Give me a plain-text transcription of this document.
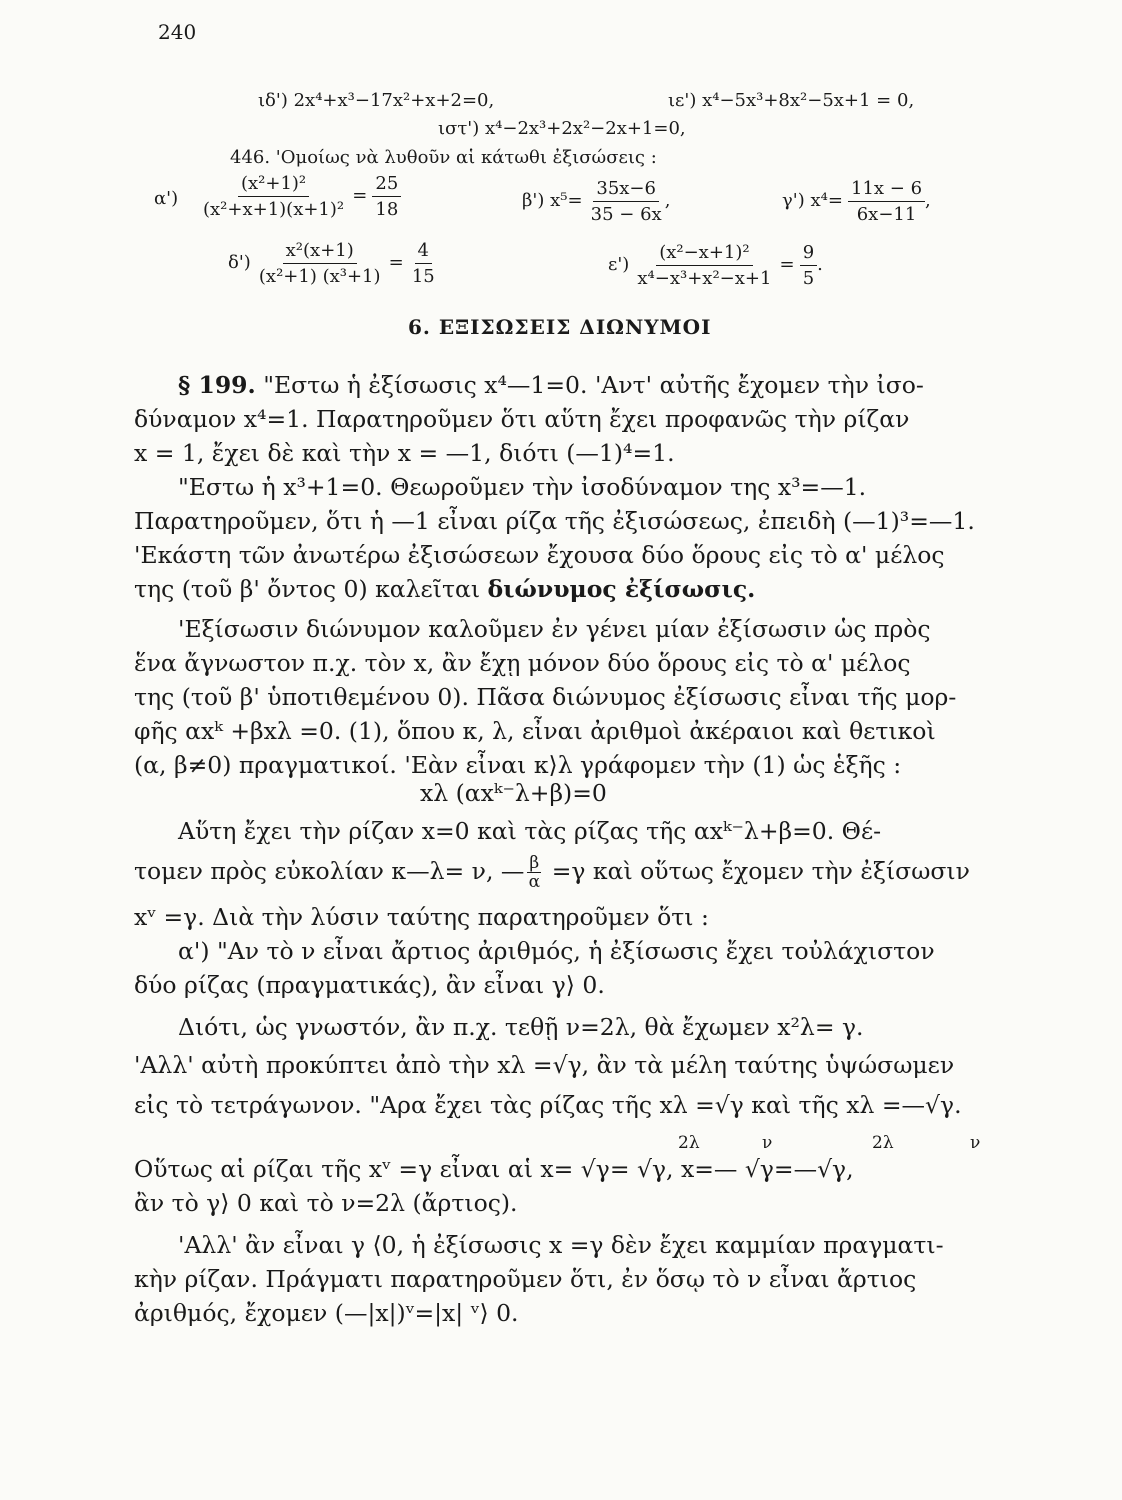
240
ιδ') 2x⁴+x³−17x²+x+2=0,	ιε') x⁴−5x³+8x²−5x+1 = 0,
ιστ') x⁴−2x³+2x²−2x+1=0,
446. 'Ομοίως νὰ λυθοῦν αἱ κάτωθι ἐξισώσεις :
$\alpha') \frac{\text{(x²+1)²}}{\text{(x²+x+1)(x+1)²}} = \frac{25}{18}$	β') $x^5= \frac{35x-6}{35 - 6x}$ ,	γ') $x^4= \frac{11x - 6}{6x-11}$ ,
$\delta') \frac{\text{x²(x+1)}}{\text{(x²+1) (x³+1)}} = \frac{4}{15}$	$\varepsilon') \frac{\text{(x²−x+1)²}}{\text{x⁴−x³+x²−x+1}} = \frac{9}{5}$ .
6. ΕΞΙΣΩΣΕΙΣ ΔΙΩΝΥΜΟΙ
§ 199. "Εστω ἡ ἐξίσωσις x⁴—1=0. 'Αντ' αὐτῆς ἔχομεν τὴν ἰσο-
δύναμον x⁴=1. Παρατηροῦμεν ὅτι αὕτη ἔχει προφανῶς τὴν ρίζαν
x = 1, ἔχει δὲ καὶ τὴν x = —1, διότι (—1)⁴=1.
"Εστω ἡ x³+1=0. Θεωροῦμεν τὴν ἰσοδύναμον της x³=—1.
Παρατηροῦμεν, ὅτι ἡ —1 εἶναι ρίζα τῆς ἐξισώσεως, ἐπειδὴ (—1)³=—1.
'Εκάστη τῶν ἀνωτέρω ἐξισώσεων ἔχουσα δύο ὅρους εἰς τὸ α' μέλος
της (τοῦ β' ὄντος 0) καλεῖται διώνυμος ἐξίσωσις.
'Εξίσωσιν διώνυμον καλοῦμεν ἐν γένει μίαν ἐξίσωσιν ὡς πρὸς
ἕνα ἄγνωστον π.χ. τὸν x, ἂν ἔχῃ μόνον δύο ὅρους εἰς τὸ α' μέλος
της (τοῦ β' ὑποτιθεμένου 0). Πᾶσα διώνυμος ἐξίσωσις εἶναι τῆς μορ-
φῆς αxᵏ +βxλ =0. (1), ὅπου κ, λ, εἶναι ἀριθμοὶ ἀκέραιοι καὶ θετικοὶ
(α, β≠0) πραγματικοί. 'Εὰν εἶναι κ⟩λ γράφομεν τὴν (1) ὡς ἑξῆς :
xλ (αxᵏ⁻λ+β)=0
Αὕτη ἔχει τὴν ρίζαν x=0 καὶ τὰς ρίζας τῆς αxᵏ⁻λ+β=0. Θέ-
τομεν πρὸς εὐκολίαν κ—λ= ν, — $\frac{\beta}{\alpha} =\gamma$ καὶ οὕτως ἔχομεν τὴν ἐξίσωσιν
xᵛ =γ. Διὰ τὴν λύσιν ταύτης παρατηροῦμεν ὅτι :
α') "Αν τὸ ν εἶναι ἄρτιος ἀριθμός, ἡ ἐξίσωσις ἔχει τοὐλάχιστον
δύο ρίζας (πραγματικάς), ἂν εἶναι γ⟩ 0.
Διότι, ὡς γνωστόν, ἂν π.χ. τεθῇ ν=2λ, θὰ ἔχωμεν x²λ= γ.
'Αλλ' αὐτὴ προκύπτει ἀπὸ τὴν xλ =√γ, ἂν τὰ μέλη ταύτης ὑψώσωμεν
εἰς τὸ τετράγωνον. "Αρα ἔχει τὰς ρίζας τῆς xλ =√γ καὶ τῆς xλ =—√γ.
2λ	ν	2λ	ν
Οὕτως αἱ ρίζαι τῆς xᵛ =γ εἶναι αἱ x= √γ= √γ, x=— √γ=—√γ,
ἂν τὸ γ⟩ 0 καὶ τὸ ν=2λ (ἄρτιος).
'Αλλ' ἂν εἶναι γ ⟨0, ἡ ἐξίσωσις x =γ δὲν ἔχει καμμίαν πραγματι-
κὴν ρίζαν. Πράγματι παρατηροῦμεν ὅτι, ἐν ὅσῳ τὸ ν εἶναι ἄρτιος
ἀριθμός, ἔχομεν (—|x|)ᵛ=|x| ᵛ⟩ 0.
